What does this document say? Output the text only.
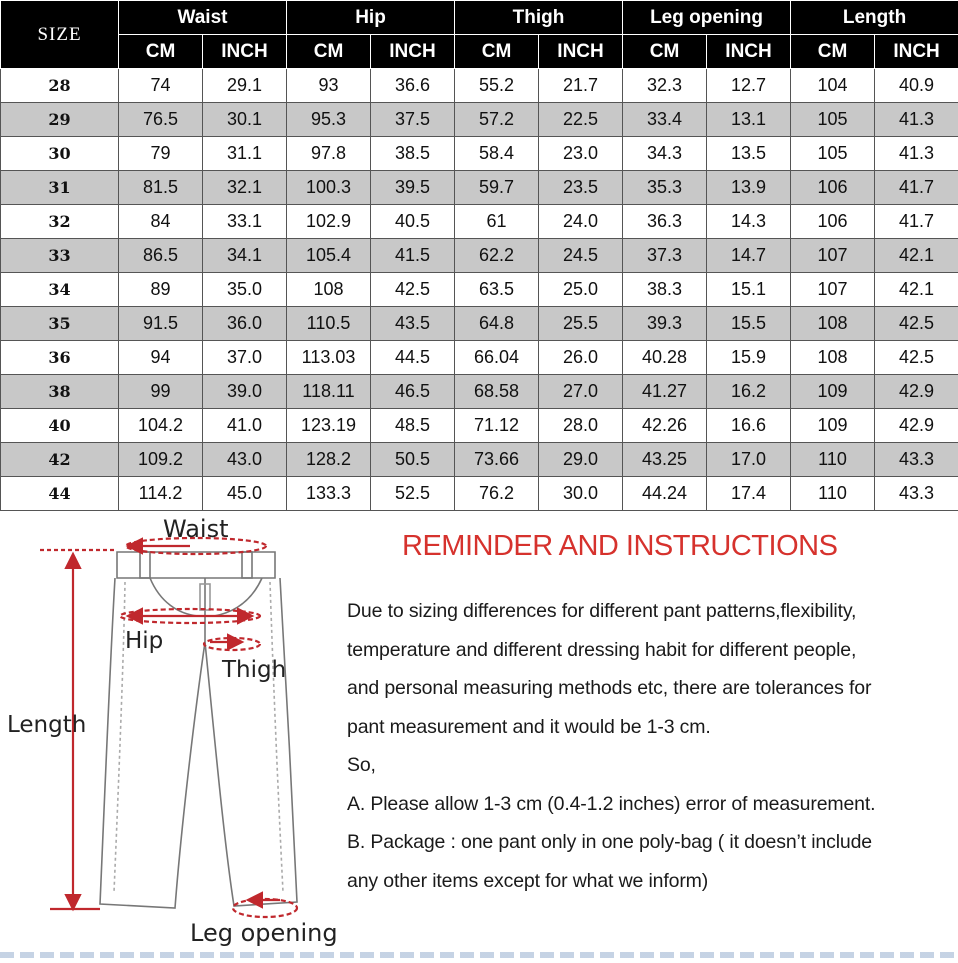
SIZE	Waist		Hip		Thigh		Leg opening		Length	
	CM	INCH	CM	INCH	CM	INCH	CM	INCH	CM	INCH
28	74	29.1	93	36.6	55.2	21.7	32.3	12.7	104	40.9
29	76.5	30.1	95.3	37.5	57.2	22.5	33.4	13.1	105	41.3
30	79	31.1	97.8	38.5	58.4	23.0	34.3	13.5	105	41.3
31	81.5	32.1	100.3	39.5	59.7	23.5	35.3	13.9	106	41.7
32	84	33.1	102.9	40.5	61	24.0	36.3	14.3	106	41.7
33	86.5	34.1	105.4	41.5	62.2	24.5	37.3	14.7	107	42.1
34	89	35.0	108	42.5	63.5	25.0	38.3	15.1	107	42.1
35	91.5	36.0	110.5	43.5	64.8	25.5	39.3	15.5	108	42.5
36	94	37.0	113.03	44.5	66.04	26.0	40.28	15.9	108	42.5
38	99	39.0	118.11	46.5	68.58	27.0	41.27	16.2	109	42.9
40	104.2	41.0	123.19	48.5	71.12	28.0	42.26	16.6	109	42.9
42	109.2	43.0	128.2	50.5	73.66	29.0	43.25	17.0	110	43.3
44	114.2	45.0	133.3	52.5	76.2	30.0	44.24	17.4	110	43.3
Waist
Hip
Thigh
Length
Leg opening
REMINDER AND INSTRUCTIONS

Due to sizing differences for different pant patterns,flexibility,

temperature and different dressing habit for different people,

and personal measuring methods etc, there are tolerances for

pant measurement and it would be 1-3 cm.

So,

A. Please allow 1-3 cm (0.4-1.2 inches) error of measurement.

B. Package : one pant only in one poly-bag ( it doesn’t include

any other items except for what we inform)
